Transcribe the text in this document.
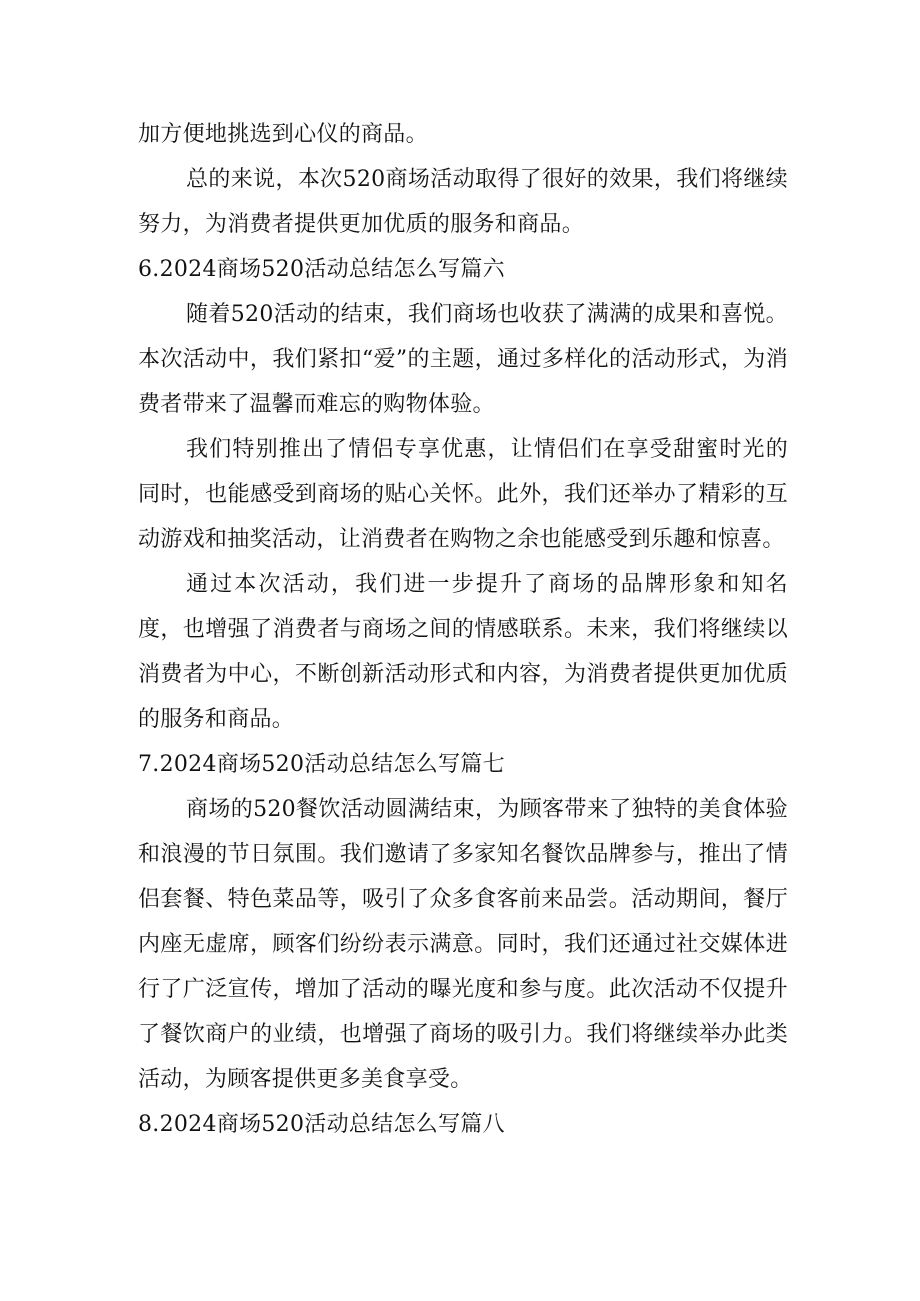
加方便地挑选到心仪的商品。

总的来说，本次520商场活动取得了很好的效果，我们将继续努力，为消费者提供更加优质的服务和商品。

6.2024商场520活动总结怎么写篇六

随着520活动的结束，我们商场也收获了满满的成果和喜悦。本次活动中，我们紧扣“爱”的主题，通过多样化的活动形式，为消费者带来了温馨而难忘的购物体验。

我们特别推出了情侣专享优惠，让情侣们在享受甜蜜时光的同时，也能感受到商场的贴心关怀。此外，我们还举办了精彩的互动游戏和抽奖活动，让消费者在购物之余也能感受到乐趣和惊喜。

通过本次活动，我们进一步提升了商场的品牌形象和知名度，也增强了消费者与商场之间的情感联系。未来，我们将继续以消费者为中心，不断创新活动形式和内容，为消费者提供更加优质的服务和商品。

7.2024商场520活动总结怎么写篇七

商场的520餐饮活动圆满结束，为顾客带来了独特的美食体验和浪漫的节日氛围。我们邀请了多家知名餐饮品牌参与，推出了情侣套餐、特色菜品等，吸引了众多食客前来品尝。活动期间，餐厅内座无虚席，顾客们纷纷表示满意。同时，我们还通过社交媒体进行了广泛宣传，增加了活动的曝光度和参与度。此次活动不仅提升了餐饮商户的业绩，也增强了商场的吸引力。我们将继续举办此类活动，为顾客提供更多美食享受。

8.2024商场520活动总结怎么写篇八
